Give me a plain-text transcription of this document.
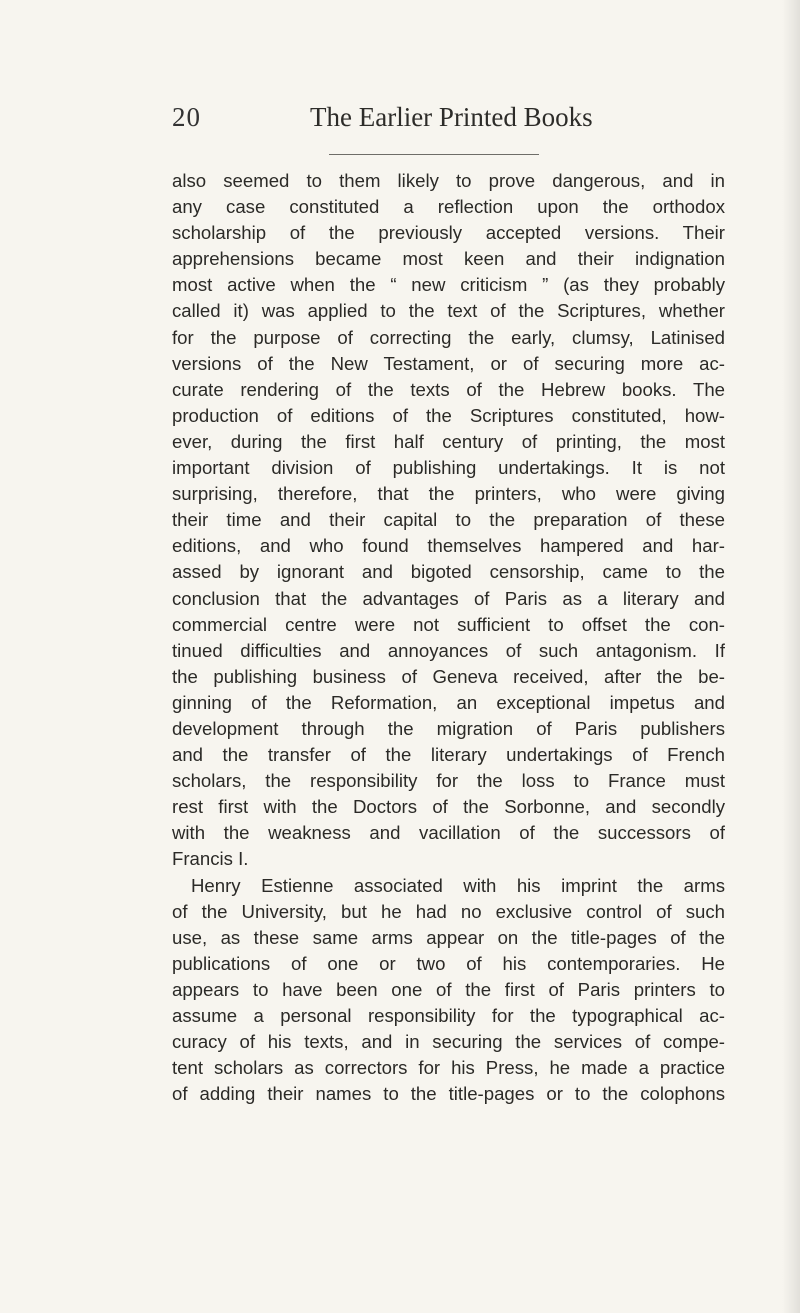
20	The Earlier Printed Books

also seemed to them likely to prove dangerous, and in
any case constituted a reflection upon the orthodox
scholarship of the previously accepted versions. Their
apprehensions became most keen and their indignation
most active when the “ new criticism ” (as they probably
called it) was applied to the text of the Scriptures, whether
for the purpose of correcting the early, clumsy, Latinised
versions of the New Testament, or of securing more ac-
curate rendering of the texts of the Hebrew books. The
production of editions of the Scriptures constituted, how-
ever, during the first half century of printing, the most
important division of publishing undertakings. It is not
surprising, therefore, that the printers, who were giving
their time and their capital to the preparation of these
editions, and who found themselves hampered and har-
assed by ignorant and bigoted censorship, came to the
conclusion that the advantages of Paris as a literary and
commercial centre were not sufficient to offset the con-
tinued difficulties and annoyances of such antagonism. If
the publishing business of Geneva received, after the be-
ginning of the Reformation, an exceptional impetus and
development through the migration of Paris publishers
and the transfer of the literary undertakings of French
scholars, the responsibility for the loss to France must
rest first with the Doctors of the Sorbonne, and secondly
with the weakness and vacillation of the successors of
Francis I.

Henry Estienne associated with his imprint the arms
of the University, but he had no exclusive control of such
use, as these same arms appear on the title-pages of the
publications of one or two of his contemporaries. He
appears to have been one of the first of Paris printers to
assume a personal responsibility for the typographical ac-
curacy of his texts, and in securing the services of compe-
tent scholars as correctors for his Press, he made a practice
of adding their names to the title-pages or to the colophons
